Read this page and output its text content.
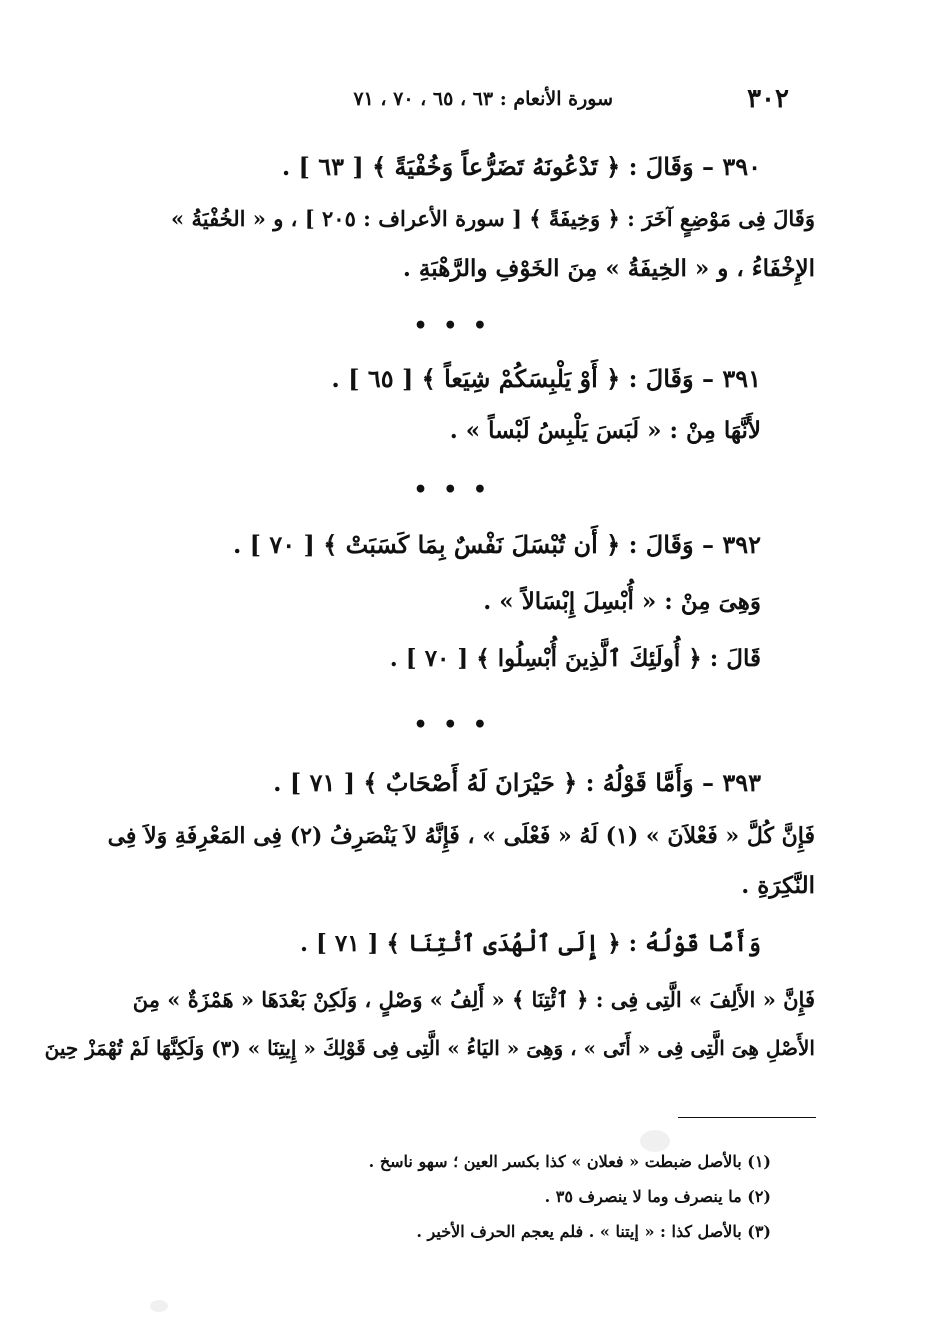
٣٠٢
سورة الأنعام : ٦٣ ، ٦٥ ، ٧٠ ، ٧١
٣٩٠ – وَقَالَ : ﴿ تَدْعُونَهُ تَضَرُّعاً وَخُفْيَةً ﴾ [ ٦٣ ] .
وَقَالَ فِى مَوْضِعٍ آخَرَ : ﴿ وَخِيفَةً ﴾ [ سورة الأعراف : ٢٠٥ ] ، و « الخُفْيَةُ »
الإِخْفَاءُ ، و « الخِيفَةُ » مِنَ الخَوْفِ والرَّهْبَةِ .
• • •
٣٩١ – وَقَالَ : ﴿ أَوْ يَلْبِسَكُمْ شِيَعاً ﴾ [ ٦٥ ] .
لأَنَّهَا مِنْ : « لَبَسَ يَلْبِسُ لَبْساً » .
• • •
٣٩٢ – وَقَالَ : ﴿ أَن تُبْسَلَ نَفْسٌ بِمَا كَسَبَتْ ﴾ [ ٧٠ ] .
وَهِىَ مِنْ : « أُبْسِلَ إِبْسَالاً » .
قَالَ : ﴿ أُولَئِكَ ٱلَّذِينَ أُبْسِلُوا ﴾ [ ٧٠ ] .
• • •
٣٩٣ – وَأَمَّا قَوْلُهُ : ﴿ حَيْرَانَ لَهُ أَصْحَابٌ ﴾ [ ٧١ ] .
فَإِنَّ كُلَّ « فَعْلاَنَ » (١) لَهُ « فَعْلَى » ، فَإِنَّهُ لاَ يَنْصَرِفُ (٢) فِى المَعْرِفَةِ وَلاَ فِى
النَّكِرَةِ .
وَأَمَّا قَوْلُهُ : ﴿ إِلَى ٱلْهُدَى ٱئْتِنَا ﴾ [ ٧١ ] .
فَإِنَّ « الأَلِفَ » الَّتِى فِى : ﴿ ٱئْتِنَا ﴾ « أَلِفُ » وَصْلٍ ، وَلَكِنْ بَعْدَهَا « هَمْزَةٌ » مِنَ
الأَصْلِ هِىَ الَّتِى فِى « أَتَى » ، وَهِىَ « اليَاءُ » الَّتِى فِى قَوْلِكَ « إِيتِنَا » (٣) وَلَكِنَّهَا لَمْ تُهْمَزْ حِينَ
(١) بالأصل ضبطت « فعلان » كذا بكسر العين ؛ سهو ناسخ .
(٢) ما ينصرف وما لا ينصرف ٣٥ .
(٣) بالأصل كذا : « إيتنا » . فلم يعجم الحرف الأخير .
